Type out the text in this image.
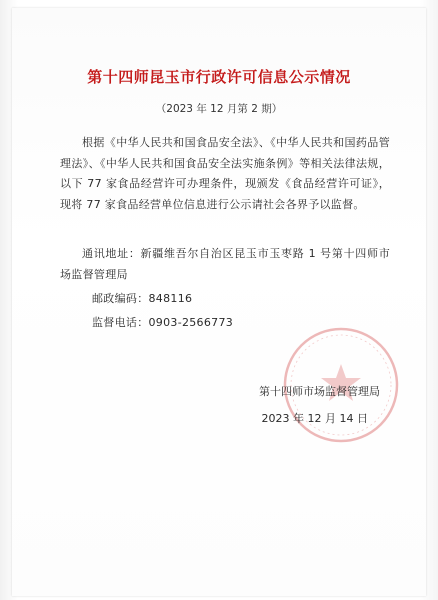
第十四师昆玉市行政许可信息公示情况
（2023 年 12 月第 2 期）
根据《中华人民共和国食品安全法》、《中华人民共和国药品管理法》、《中华人民共和国食品安全法实施条例》等相关法律法规，以下 77 家食品经营许可办理条件，现颁发《食品经营许可证》，现将 77 家食品经营单位信息进行公示请社会各界予以监督。
通讯地址：新疆维吾尔自治区昆玉市玉枣路 1 号第十四师市场监督管理局
邮政编码：848116
监督电话：0903-2566773
第十四师市场监督管理局
2023 年 12 月 14 日
